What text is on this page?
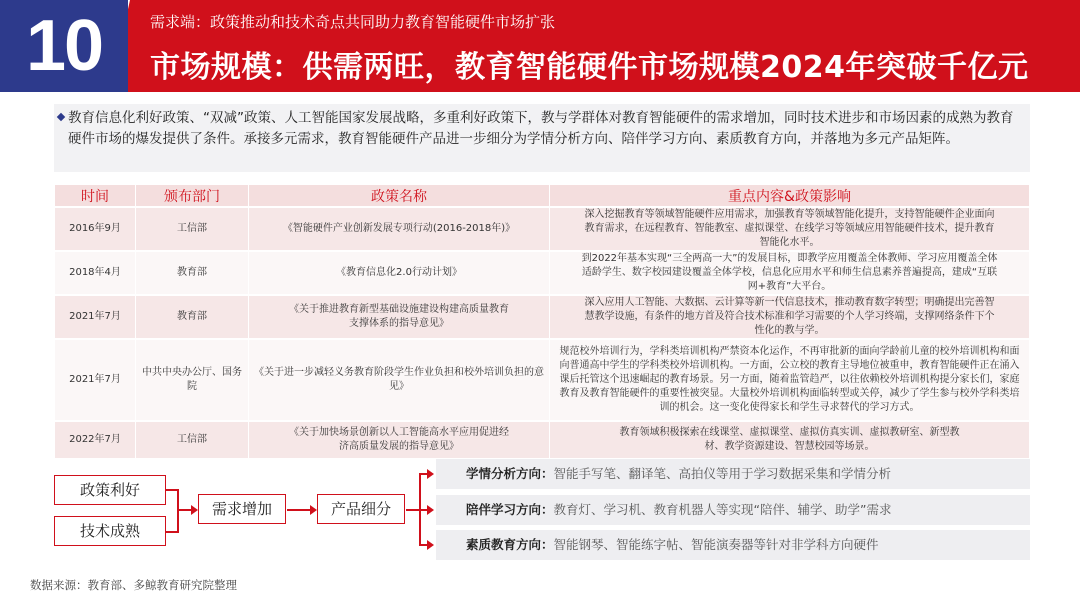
10	需求端：政策推动和技术奇点共同助力教育智能硬件市场扩张
市场规模：供需两旺，教育智能硬件市场规模2024年突破千亿元
教育信息化利好政策、“双减”政策、人工智能国家发展战略，多重利好政策下，教与学群体对教育智能硬件的需求增加，同时技术进步和市场因素的成熟为教育硬件市场的爆发提供了条件。承接多元需求，教育智能硬件产品进一步细分为学情分析方向、陪伴学习方向、素质教育方向，并落地为多元产品矩阵。
时间	颁布部门	政策名称	重点内容&政策影响
2016年9月	工信部	《智能硬件产业创新发展专项行动(2016-2018年)》	深入挖掘教育等领域智能硬件应用需求，加强教育等领域智能化提升，支持智能硬件企业面向教育需求，在远程教育、智能教室、虚拟课堂、在线学习等领域应用智能硬件技术，提升教育智能化水平。
2018年4月	教育部	《教育信息化2.0行动计划》	到2022年基本实现“三全两高一大”的发展目标，即教学应用覆盖全体教师、学习应用覆盖全体适龄学生、数字校园建设覆盖全体学校，信息化应用水平和师生信息素养普遍提高，建成“互联网+教育”大平台。
2021年7月	教育部	《关于推进教育新型基础设施建设构建高质量教育支撑体系的指导意见》	深入应用人工智能、大数据、云计算等新一代信息技术，推动教育数字转型；明确提出完善智慧教学设施，有条件的地方首及符合技术标准和学习需要的个人学习终端，支撑网络条件下个性化的教与学。
2021年7月	中共中央办公厅、国务院	《关于进一步减轻义务教育阶段学生作业负担和校外培训负担的意见》	规范校外培训行为，学科类培训机构严禁资本化运作，不再审批新的面向学龄前儿童的校外培训机构和面向普通高中学生的学科类校外培训机构。一方面，公立校的教育主导地位被重申，教育智能硬件正在涌入课后托管这个迅速崛起的教育场景。另一方面，随着监管趋严，以往依赖校外培训机构提分家长们，家庭教育及教育智能硬件的重要性被突显。大量校外培训机构面临转型或关停，减少了学生参与校外学科类培训的机会。这一变化使得家长和学生寻求替代的学习方式。
2022年7月	工信部	《关于加快场景创新以人工智能高水平应用促进经济高质量发展的指导意见》	教育领域积极探索在线课堂、虚拟课堂、虚拟仿真实训、虚拟教研室、新型教材、教学资源建设、智慧校园等场景。
政策利好
技术成熟
需求增加	产品细分
学情分析方向：智能手写笔、翻译笔、高拍仪等用于学习数据采集和学情分析
陪伴学习方向：教育灯、学习机、教育机器人等实现“陪伴、辅学、助学”需求
素质教育方向：智能钢琴、智能练字帖、智能演奏器等针对非学科方向硬件
数据来源：教育部、多鲸教育研究院整理
